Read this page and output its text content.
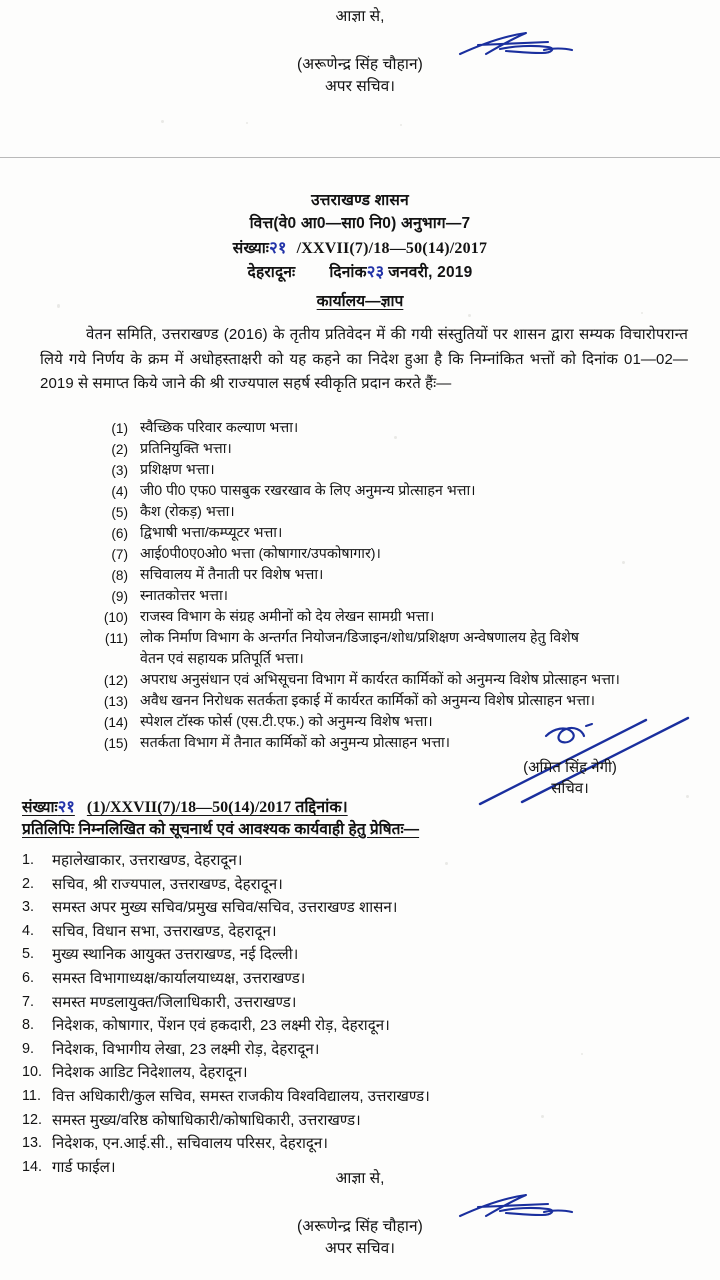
आज्ञा से,
(अरूणेन्द्र सिंह चौहान)
अपर सचिव।
उत्तराखण्ड शासन
वित्त(वे0 आ0—सा0 नि0) अनुभाग—7
संख्याः२१ /XXVII(7)/18—50(14)/2017
देहरादूनः दिनांक२३ जनवरी, 2019
कार्यालय—ज्ञाप
वेतन समिति, उत्तराखण्ड (2016) के तृतीय प्रतिवेदन में की गयी संस्तुतियों पर शासन द्वारा सम्यक विचारोपरान्त लिये गये निर्णय के क्रम में अधोहस्ताक्षरी को यह कहने का निदेश हुआ है कि निम्नांकित भत्तों को दिनांक 01—02—2019 से समाप्त किये जाने की श्री राज्यपाल सहर्ष स्वीकृति प्रदान करते हैंः—
(1) स्वैच्छिक परिवार कल्याण भत्ता।
(2) प्रतिनियुक्ति भत्ता।
(3) प्रशिक्षण भत्ता।
(4) जी0 पी0 एफ0 पासबुक रखरखाव के लिए अनुमन्य प्रोत्साहन भत्ता।
(5) कैश (रोकड़) भत्ता।
(6) द्विभाषी भत्ता/कम्प्यूटर भत्ता।
(7) आई0पी0ए0ओ0 भत्ता (कोषागार/उपकोषागार)।
(8) सचिवालय में तैनाती पर विशेष भत्ता।
(9) स्नातकोत्तर भत्ता।
(10) राजस्व विभाग के संग्रह अमीनों को देय लेखन सामग्री भत्ता।
(11) लोक निर्माण विभाग के अन्तर्गत नियोजन/डिजाइन/शोध/प्रशिक्षण अन्वेषणालय हेतु विशेष
वेतन एवं सहायक प्रतिपूर्ति भत्ता।
(12) अपराध अनुसंधान एवं अभिसूचना विभाग में कार्यरत कार्मिकों को अनुमन्य विशेष प्रोत्साहन भत्ता।
(13) अवैध खनन निरोधक सतर्कता इकाई में कार्यरत कार्मिकों को अनुमन्य विशेष प्रोत्साहन भत्ता।
(14) स्पेशल टॉस्क फोर्स (एस.टी.एफ.) को अनुमन्य विशेष भत्ता।
(15) सतर्कता विभाग में तैनात कार्मिकों को अनुमन्य प्रोत्साहन भत्ता।
(अमित सिंह नेगी)
सचिव।
संख्याः२१ (1)/XXVII(7)/18—50(14)/2017 तद्दिनांक।
प्रतिलिपिः निम्नलिखित को सूचनार्थ एवं आवश्यक कार्यवाही हेतु प्रेषितः—
1.	महालेखाकार, उत्तराखण्ड, देहरादून।
2.	सचिव, श्री राज्यपाल, उत्तराखण्ड, देहरादून।
3.	समस्त अपर मुख्य सचिव/प्रमुख सचिव/सचिव, उत्तराखण्ड शासन।
4.	सचिव, विधान सभा, उत्तराखण्ड, देहरादून।
5.	मुख्य स्थानिक आयुक्त उत्तराखण्ड, नई दिल्ली।
6.	समस्त विभागाध्यक्ष/कार्यालयाध्यक्ष, उत्तराखण्ड।
7.	समस्त मण्डलायुक्त/जिलाधिकारी, उत्तराखण्ड।
8.	निदेशक, कोषागार, पेंशन एवं हकदारी, 23 लक्ष्मी रोड़, देहरादून।
9.	निदेशक, विभागीय लेखा, 23 लक्ष्मी रोड़, देहरादून।
10. निदेशक आडिट निदेशालय, देहरादून।
11. वित्त अधिकारी/कुल सचिव, समस्त राजकीय विश्वविद्यालय, उत्तराखण्ड।
12. समस्त मुख्य/वरिष्ठ कोषाधिकारी/कोषाधिकारी, उत्तराखण्ड।
13. निदेशक, एन.आई.सी., सचिवालय परिसर, देहरादून।
14. गार्ड फाईल।
आज्ञा से,
(अरूणेन्द्र सिंह चौहान)
अपर सचिव।
